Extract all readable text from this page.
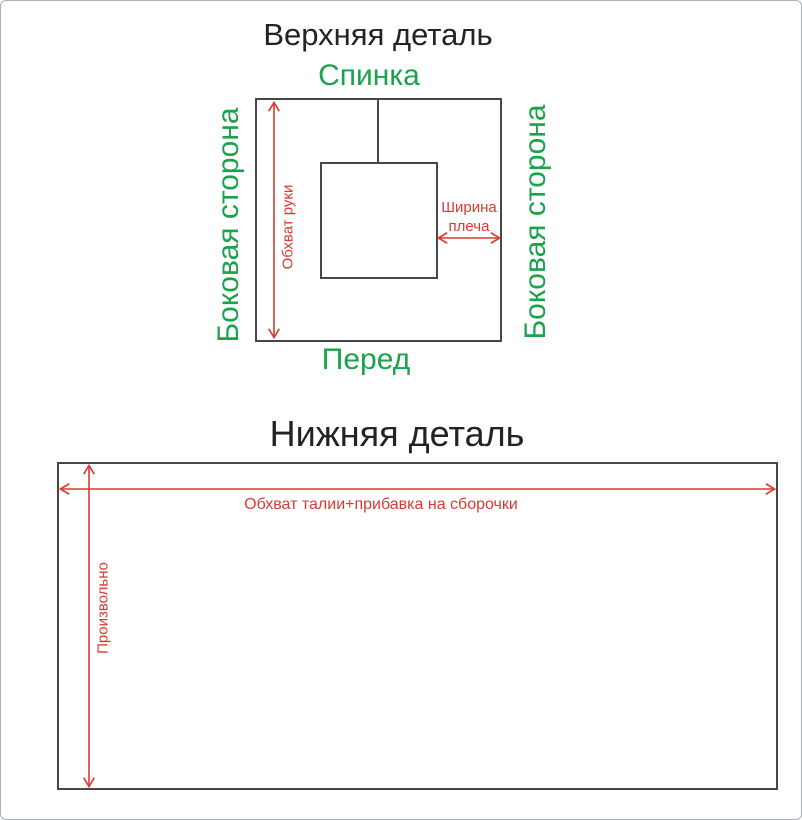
Верхняя деталь
Спинка
Обхват руки	Ширина плеча
Боковая сторона	Боковая сторона
Перед
Нижняя деталь
Обхват талии+прибавка на сборочки
Произвольно
